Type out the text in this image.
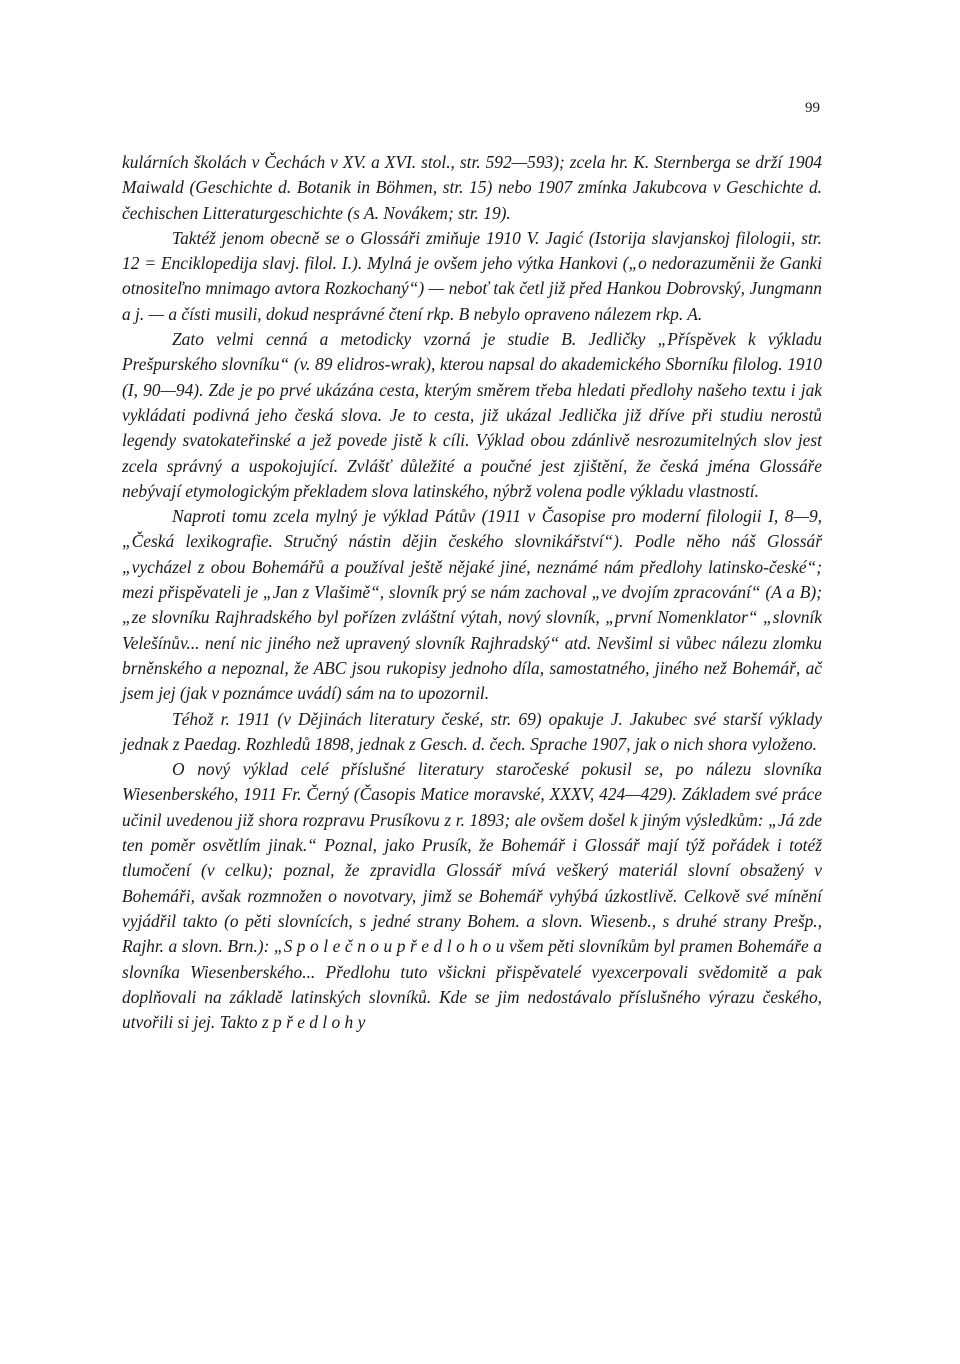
99

kulárních školách v Čechách v XV. a XVI. stol., str. 592—593); zcela hr. K. Sternberga se drží 1904 Maiwald (Geschichte d. Botanik in Böhmen, str. 15) nebo 1907 zmínka Jakubcova v Geschichte d. čechischen Litteraturgeschichte (s A. Novákem; str. 19).

Taktéž jenom obecně se o Glossáři zmiňuje 1910 V. Jagić (Istorija slavjanskoj filologii, str. 12 = Enciklopedija slavj. filol. I.). Mylná je ovšem jeho výtka Hankovi („o nedorazuměnii že Ganki otnositeľno mnimago avtora Rozkochaný“) — neboť tak četl již před Hankou Dobrovský, Jungmann a j. — a čísti musili, dokud nesprávné čtení rkp. B nebylo opraveno nálezem rkp. A.

Zato velmi cenná a metodicky vzorná je studie B. Jedličky „Příspěvek k výkladu Prešpurského slovníku“ (v. 89 elidros-wrak), kterou napsal do akademického Sborníku filolog. 1910 (I, 90—94). Zde je po prvé ukázána cesta, kterým směrem třeba hledati předlohy našeho textu i jak vykládati podivná jeho česká slova. Je to cesta, již ukázal Jedlička již dříve při studiu nerostů legendy svatokateřinské a jež povede jistě k cíli. Výklad obou zdánlivě nesrozumitelných slov jest zcela správný a uspokojující. Zvlášť důležité a poučné jest zjištění, že česká jména Glossáře nebývají etymologickým překladem slova latinského, nýbrž volena podle výkladu vlastností.

Naproti tomu zcela mylný je výklad Pátův (1911 v Časopise pro moderní filologii I, 8—9, „Česká lexikografie. Stručný nástin dějin českého slovnikářství“). Podle něho náš Glossář „vycházel z obou Bohemářů a používal ještě nějaké jiné, neznámé nám předlohy latinsko-české“; mezi přispěvateli je „Jan z Vlašimě“, slovník prý se nám zachoval „ve dvojím zpracování“ (A a B); „ze slovníku Rajhradského byl pořízen zvláštní výtah, nový slovník, „první Nomenklator“ „slovník Velešínův... není nic jiného než upravený slovník Rajhradský“ atd. Nevšiml si vůbec nálezu zlomku brněnského a nepoznal, že ABC jsou rukopisy jednoho díla, samostatného, jiného než Bohemář, ač jsem jej (jak v poznámce uvádí) sám na to upozornil.

Téhož r. 1911 (v Dějinách literatury české, str. 69) opakuje J. Jakubec své starší výklady jednak z Paedag. Rozhledů 1898, jednak z Gesch. d. čech. Sprache 1907, jak o nich shora vyloženo.

O nový výklad celé příslušné literatury staročeské pokusil se, po nálezu slovníka Wiesenberského, 1911 Fr. Černý (Časopis Matice moravské, XXXV, 424—429). Základem své práce učinil uvedenou již shora rozpravu Prusíkovu z r. 1893; ale ovšem došel k jiným výsledkům: „Já zde ten poměr osvětlím jinak.“ Poznal, jako Prusík, že Bohemář i Glossář mají týž pořádek i totéž tlumočení (v celku); poznal, že zpravidla Glossář mívá veškerý materiál slovní obsažený v Bohemáři, avšak rozmnožen o novotvary, jimž se Bohemář vyhýbá úzkostlivě. Celkově své mínění vyjádřil takto (o pěti slovnících, s jedné strany Bohem. a slovn. Wiesenb., s druhé strany Prešp., Rajhr. a slovn. Brn.): „S p o l e č n o u p ř e d l o h o u všem pěti slovníkům byl pramen Bohemáře a slovníka Wiesenberského... Předlohu tuto všickni přispěvatelé vyexcerpovali svědomitě a pak doplňovali na základě latinských slovníků. Kde se jim nedostávalo příslušného výrazu českého, utvořili si jej. Takto z p ř e d l o h y
